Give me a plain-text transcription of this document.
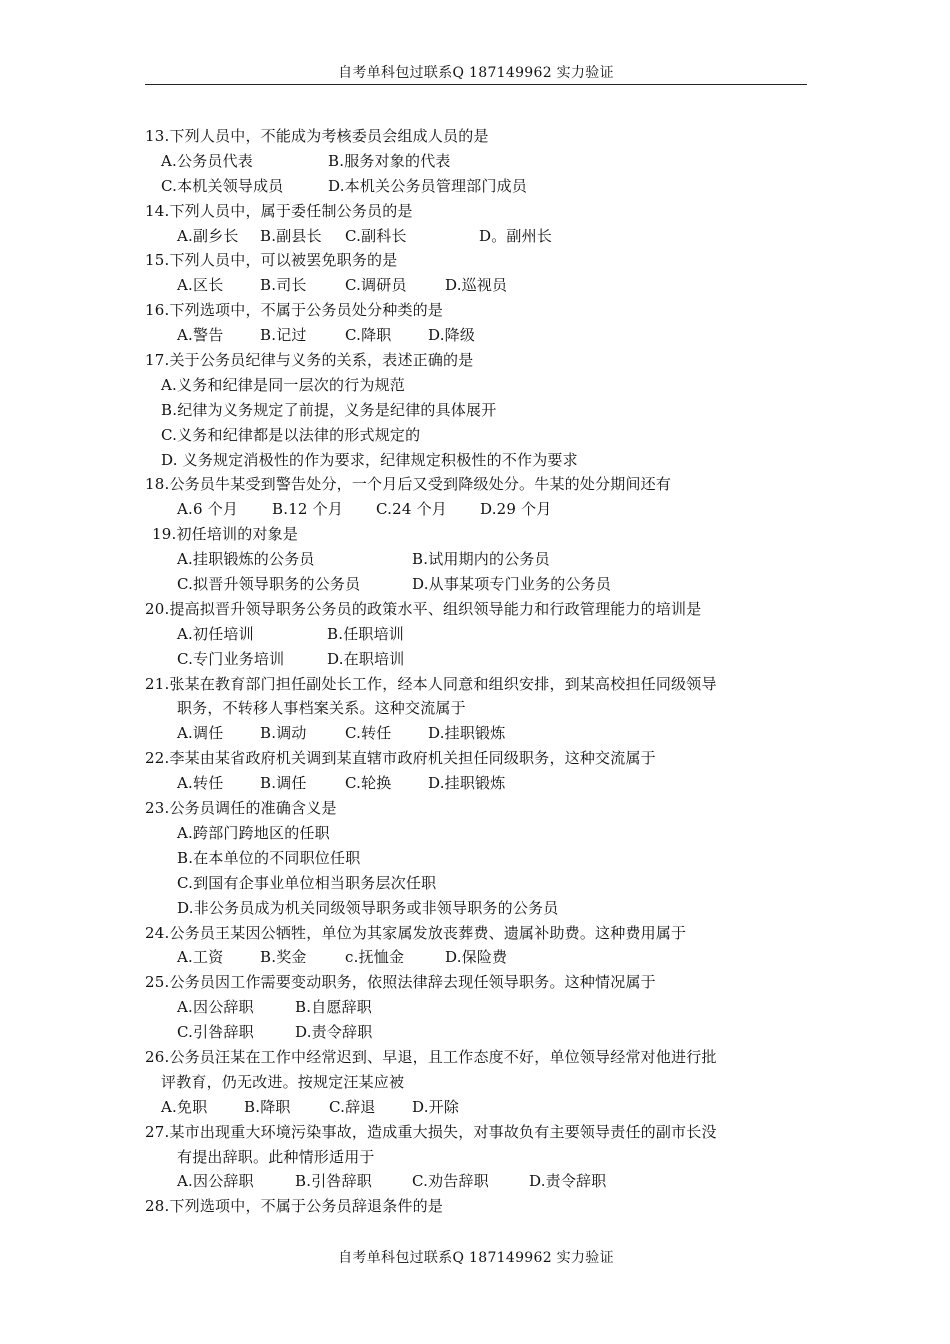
自考单科包过联系Q 187149962 实力验证
13.下列人员中，不能成为考核委员会组成人员的是
A.公务员代表	B.服务对象的代表
C.本机关领导成员	D.本机关公务员管理部门成员
14.下列人员中，属于委任制公务员的是
A.副乡长 B.副县长 C.副科长	D。副州长
15.下列人员中，可以被罢免职务的是
A.区长 B.司长	C.调研员	D.巡视员
16.下列选项中，不属于公务员处分种类的是
A.警告 B.记过	C.降职 D.降级
17.关于公务员纪律与义务的关系，表述正确的是
A.义务和纪律是同一层次的行为规范
B.纪律为义务规定了前提，义务是纪律的具体展开
C.义务和纪律都是以法律的形式规定的
D. 义务规定消极性的作为要求，纪律规定积极性的不作为要求
18.公务员牛某受到警告处分，一个月后又受到降级处分。牛某的处分期间还有
A.6 个月 B.12 个月 C.24 个月 D.29 个月
19.初任培训的对象是
A.挂职锻炼的公务员	B.试用期内的公务员
C.拟晋升领导职务的公务员	D.从事某项专门业务的公务员
20.提高拟晋升领导职务公务员的政策水平、组织领导能力和行政管理能力的培训是
A.初任培训	B.任职培训
C.专门业务培训	D.在职培训
21.张某在教育部门担任副处长工作，经本人同意和组织安排，到某高校担任同级领导
职务，不转移人事档案关系。这种交流属于
A.调任 B.调动	C.转任 D.挂职锻炼
22.李某由某省政府机关调到某直辖市政府机关担任同级职务，这种交流属于
A.转任 B.调任	C.轮换 D.挂职锻炼
23.公务员调任的准确含义是
A.跨部门跨地区的任职
B.在本单位的不同职位任职
C.到国有企事业单位相当职务层次任职
D.非公务员成为机关同级领导职务或非领导职务的公务员
24.公务员王某因公牺牲，单位为其家属发放丧葬费、遗属补助费。这种费用属于
A.工资 B.奖金	c.抚恤金	D.保险费
25.公务员因工作需要变动职务，依照法律辞去现任领导职务。这种情况属于
A.因公辞职	B.自愿辞职
C.引咎辞职	D.责令辞职
26.公务员汪某在工作中经常迟到、早退，且工作态度不好，单位领导经常对他进行批
评教育，仍无改进。按规定汪某应被
A.免职 B.降职	C.辞退 D.开除
27.某市出现重大环境污染事故，造成重大损失，对事故负有主要领导责任的副市长没
有提出辞职。此种情形适用于
A.因公辞职	B.引咎辞职	C.劝告辞职	D.责令辞职
28.下列选项中，不属于公务员辞退条件的是
自考单科包过联系Q 187149962 实力验证
